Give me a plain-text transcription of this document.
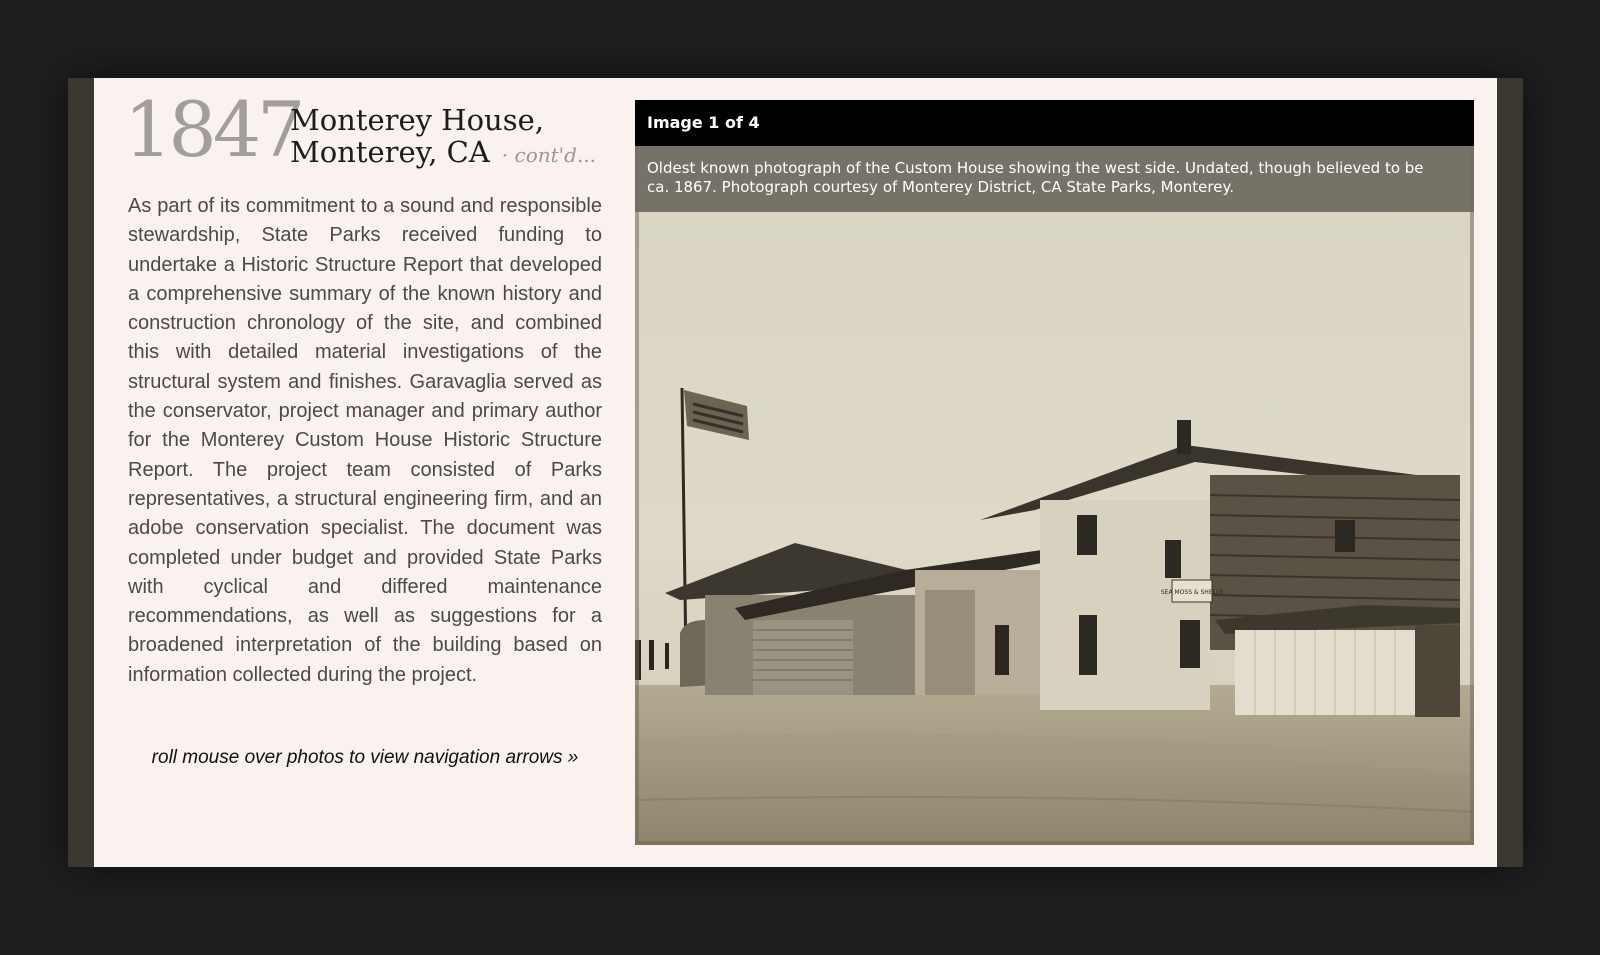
1847
Monterey House,
Monterey, CA · cont'd...

As part of its commitment to a sound and responsible stewardship, State Parks received funding to undertake a Historic Structure Report that developed a comprehensive summary of the known history and construction chronology of the site, and combined this with detailed material investigations of the structural system and finishes. Garavaglia served as the conservator, project manager and primary author for the Monterey Custom House Historic Structure Report. The project team consisted of Parks representatives, a structural engineering firm, and an adobe conservation specialist. The document was completed under budget and provided State Parks with cyclical and differed maintenance recommendations, as well as suggestions for a broadened interpretation of the building based on information collected during the project.

roll mouse over photos to view navigation arrows »
Image 1 of 4
Oldest known photograph of the Custom House showing the west side. Undated, though believed to be ca. 1867. Photograph courtesy of Monterey District, CA State Parks, Monterey.
SEA MOSS & SHELLS
